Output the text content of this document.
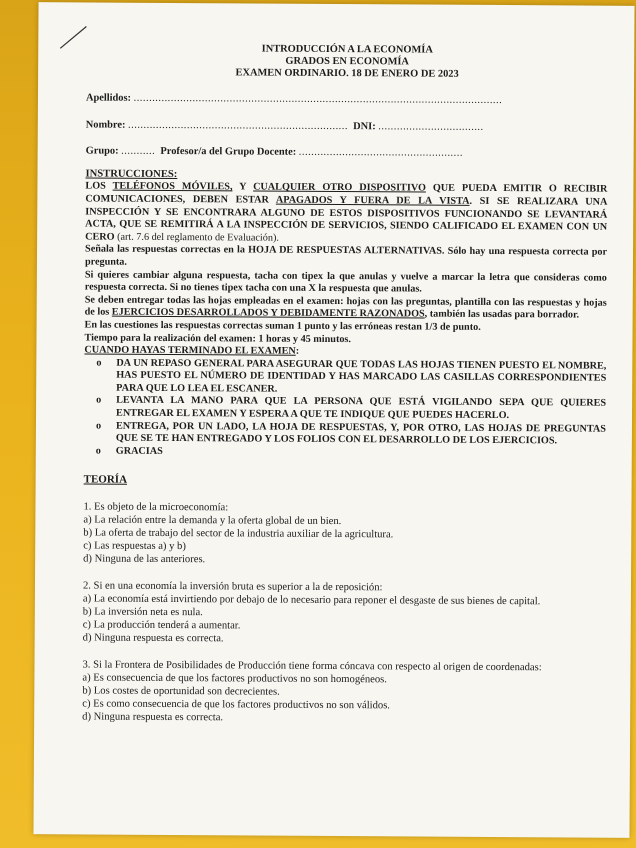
INTRODUCCIÓN A LA ECONOMÍA
GRADOS EN ECONOMÍA
EXAMEN ORDINARIO. 18 DE ENERO DE 2023
Apellidos: .......................................................................................................................
Nombre: ....................................................................... DNI: ..................................
Grupo: ........... Profesor/a del Grupo Docente: .....................................................
INSTRUCCIONES:

LOS TELÉFONOS MÓVILES, Y CUALQUIER OTRO DISPOSITIVO QUE PUEDA EMITIR O RECIBIR COMUNICACIONES, DEBEN ESTAR APAGADOS Y FUERA DE LA VISTA. SI SE REALIZARA UNA INSPECCIÓN Y SE ENCONTRARA ALGUNO DE ESTOS DISPOSITIVOS FUNCIONANDO SE LEVANTARÁ ACTA, QUE SE REMITIRÁ A LA INSPECCIÓN DE SERVICIOS, SIENDO CALIFICADO EL EXAMEN CON UN CERO (art. 7.6 del reglamento de Evaluación).

Señala las respuestas correctas en la HOJA DE RESPUESTAS ALTERNATIVAS. Sólo hay una respuesta correcta por pregunta.

Si quieres cambiar alguna respuesta, tacha con tipex la que anulas y vuelve a marcar la letra que consideras como respuesta correcta. Si no tienes tipex tacha con una X la respuesta que anulas.

Se deben entregar todas las hojas empleadas en el examen: hojas con las preguntas, plantilla con las respuestas y hojas de los EJERCICIOS DESARROLLADOS Y DEBIDAMENTE RAZONADOS, también las usadas para borrador.

En las cuestiones las respuestas correctas suman 1 punto y las erróneas restan 1/3 de punto.

Tiempo para la realización del examen: 1 horas y 45 minutos.

CUANDO HAYAS TERMINADO EL EXAMEN:
o DA UN REPASO GENERAL PARA ASEGURAR QUE TODAS LAS HOJAS TIENEN PUESTO EL NOMBRE, HAS PUESTO EL NÚMERO DE IDENTIDAD Y HAS MARCADO LAS CASILLAS CORRESPONDIENTES PARA QUE LO LEA EL ESCANER.
o LEVANTA LA MANO PARA QUE LA PERSONA QUE ESTÁ VIGILANDO SEPA QUE QUIERES ENTREGAR EL EXAMEN Y ESPERA A QUE TE INDIQUE QUE PUEDES HACERLO.
o ENTREGA, POR UN LADO, LA HOJA DE RESPUESTAS, Y, POR OTRO, LAS HOJAS DE PREGUNTAS QUE SE TE HAN ENTREGADO Y LOS FOLIOS CON EL DESARROLLO DE LOS EJERCICIOS.
o GRACIAS
TEORÍA
1. Es objeto de la microeconomía:
a) La relación entre la demanda y la oferta global de un bien.
b) La oferta de trabajo del sector de la industria auxiliar de la agricultura.
c) Las respuestas a) y b)
d) Ninguna de las anteriores.
2. Si en una economía la inversión bruta es superior a la de reposición:
a) La economía está invirtiendo por debajo de lo necesario para reponer el desgaste de sus bienes de capital.
b) La inversión neta es nula.
c) La producción tenderá a aumentar.
d) Ninguna respuesta es correcta.
3. Si la Frontera de Posibilidades de Producción tiene forma cóncava con respecto al origen de coordenadas:
a) Es consecuencia de que los factores productivos no son homogéneos.
b) Los costes de oportunidad son decrecientes.
c) Es como consecuencia de que los factores productivos no son válidos.
d) Ninguna respuesta es correcta.
